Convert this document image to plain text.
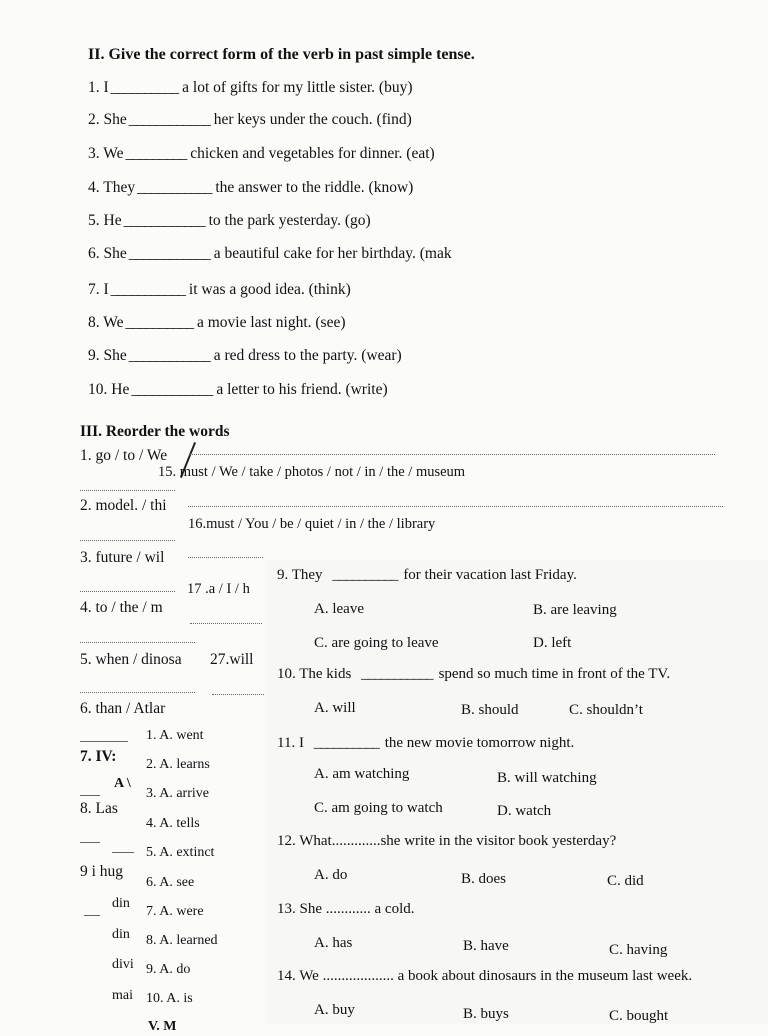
II. Give the correct form of the verb in past simple tense.
1. I __________ a lot of gifts for my little sister. (buy)
2. She ____________ her keys under the couch. (find)
3. We _________ chicken and vegetables for dinner. (eat)
4. They ___________ the answer to the riddle. (know)
5. He ____________ to the park yesterday. (go)
6. She ____________ a beautiful cake for her birthday. (mak
7. I ___________ it was a good idea. (think)
8. We __________ a movie last night. (see)
9. She ____________ a red dress to the party. (wear)
10. He ____________ a letter to his friend. (write)
III. Reorder the words
1. go / to / We
15. must / We / take / photos / not / in / the / museum
2. model. / thi
16.must / You / be / quiet / in / the / library
3. future / wil
17 .a / I / h
4. to / the / m
5. when / dinosa 27.will
6. than / Atlar
7. IV:
A \
8. Las
9 i hug
din
din
divi
mai
V. M
1. A. went
2. A. learns
3. A. arrive
4. A. tells
5. A. extinct
6. A. see
7. A. were
8. A. learned
9. A. do
10. A. is
9. They __________ for their vacation last Friday.
A. leave	B. are leaving
C. are going to leave	D. left
10. The kids ___________ spend so much time in front of the TV.
A. will	B. should	C. shouldn’t
11. I __________ the new movie tomorrow night.
A. am watching	B. will watching
C. am going to watch	D. watch
12. What.............she write in the visitor book yesterday?
A. do	B. does	C. did
13. She ............ a cold.
A. has	B. have	C. having
14. We ................... a book about dinosaurs in the museum last week.
A. buy	B. buys	C. bought
